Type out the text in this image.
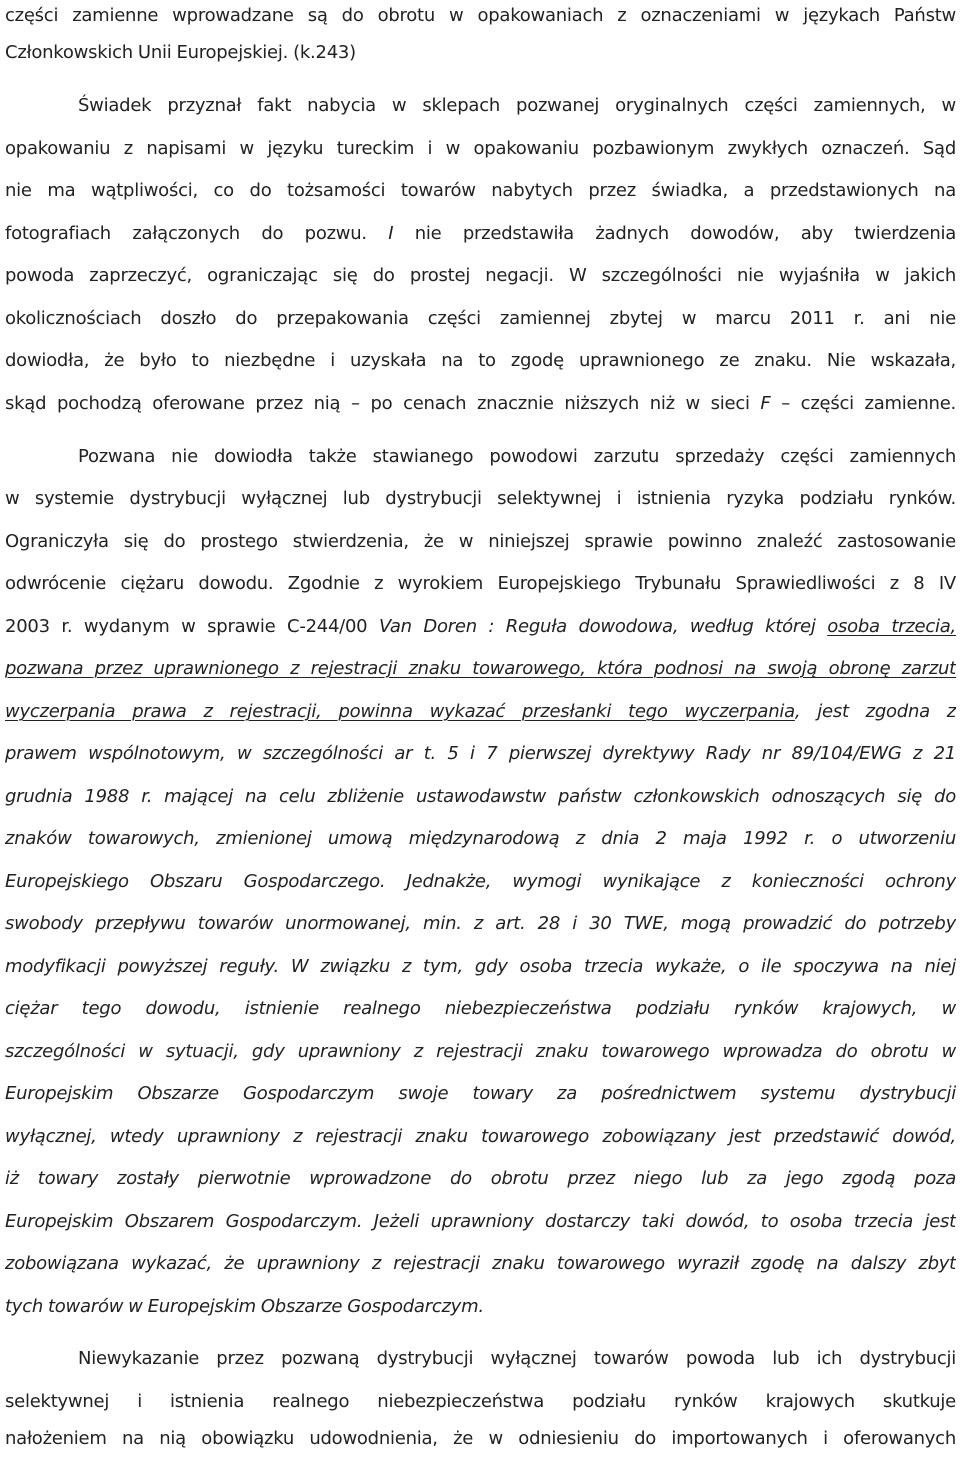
części zamienne wprowadzane są do obrotu w opakowaniach z oznaczeniami w językach Państw
Członkowskich Unii Europejskiej. (k.243)
Świadek przyznał fakt nabycia w sklepach pozwanej oryginalnych części zamiennych, w
opakowaniu z napisami w języku tureckim i w opakowaniu pozbawionym zwykłych oznaczeń. Sąd
nie ma wątpliwości, co do tożsamości towarów nabytych przez świadka, a przedstawionych na
fotografiach załączonych do pozwu. I nie przedstawiła żadnych dowodów, aby twierdzenia
powoda zaprzeczyć, ograniczając się do prostej negacji. W szczególności nie wyjaśniła w jakich
okolicznościach doszło do przepakowania części zamiennej zbytej w marcu 2011 r. ani nie
dowiodła, że było to niezbędne i uzyskała na to zgodę uprawnionego ze znaku. Nie wskazała,
skąd pochodzą oferowane przez nią – po cenach znacznie niższych niż w sieci F – części zamienne.
Pozwana nie dowiodła także stawianego powodowi zarzutu sprzedaży części zamiennych
w systemie dystrybucji wyłącznej lub dystrybucji selektywnej i istnienia ryzyka podziału rynków.
Ograniczyła się do prostego stwierdzenia, że w niniejszej sprawie powinno znaleźć zastosowanie
odwrócenie ciężaru dowodu. Zgodnie z wyrokiem Europejskiego Trybunału Sprawiedliwości z 8 IV
2003 r. wydanym w sprawie C-244/00 Van Doren : Reguła dowodowa, według której osoba trzecia,
pozwana przez uprawnionego z rejestracji znaku towarowego, która podnosi na swoją obronę zarzut
wyczerpania prawa z rejestracji, powinna wykazać przesłanki tego wyczerpania, jest zgodna z
prawem wspólnotowym, w szczególności ar t. 5 i 7 pierwszej dyrektywy Rady nr 89/104/EWG z 21
grudnia 1988 r. mającej na celu zbliżenie ustawodawstw państw członkowskich odnoszących się do
znaków towarowych, zmienionej umową międzynarodową z dnia 2 maja 1992 r. o utworzeniu
Europejskiego Obszaru Gospodarczego. Jednakże, wymogi wynikające z konieczności ochrony
swobody przepływu towarów unormowanej, min. z art. 28 i 30 TWE, mogą prowadzić do potrzeby
modyfikacji powyższej reguły. W związku z tym, gdy osoba trzecia wykaże, o ile spoczywa na niej
ciężar tego dowodu, istnienie realnego niebezpieczeństwa podziału rynków krajowych, w
szczególności w sytuacji, gdy uprawniony z rejestracji znaku towarowego wprowadza do obrotu w
Europejskim Obszarze Gospodarczym swoje towary za pośrednictwem systemu dystrybucji
wyłącznej, wtedy uprawniony z rejestracji znaku towarowego zobowiązany jest przedstawić dowód,
iż towary zostały pierwotnie wprowadzone do obrotu przez niego lub za jego zgodą poza
Europejskim Obszarem Gospodarczym. Jeżeli uprawniony dostarczy taki dowód, to osoba trzecia jest
zobowiązana wykazać, że uprawniony z rejestracji znaku towarowego wyraził zgodę na dalszy zbyt
tych towarów w Europejskim Obszarze Gospodarczym.
Niewykazanie przez pozwaną dystrybucji wyłącznej towarów powoda lub ich dystrybucji
selektywnej i istnienia realnego niebezpieczeństwa podziału rynków krajowych skutkuje
nałożeniem na nią obowiązku udowodnienia, że w odniesieniu do importowanych i oferowanych
